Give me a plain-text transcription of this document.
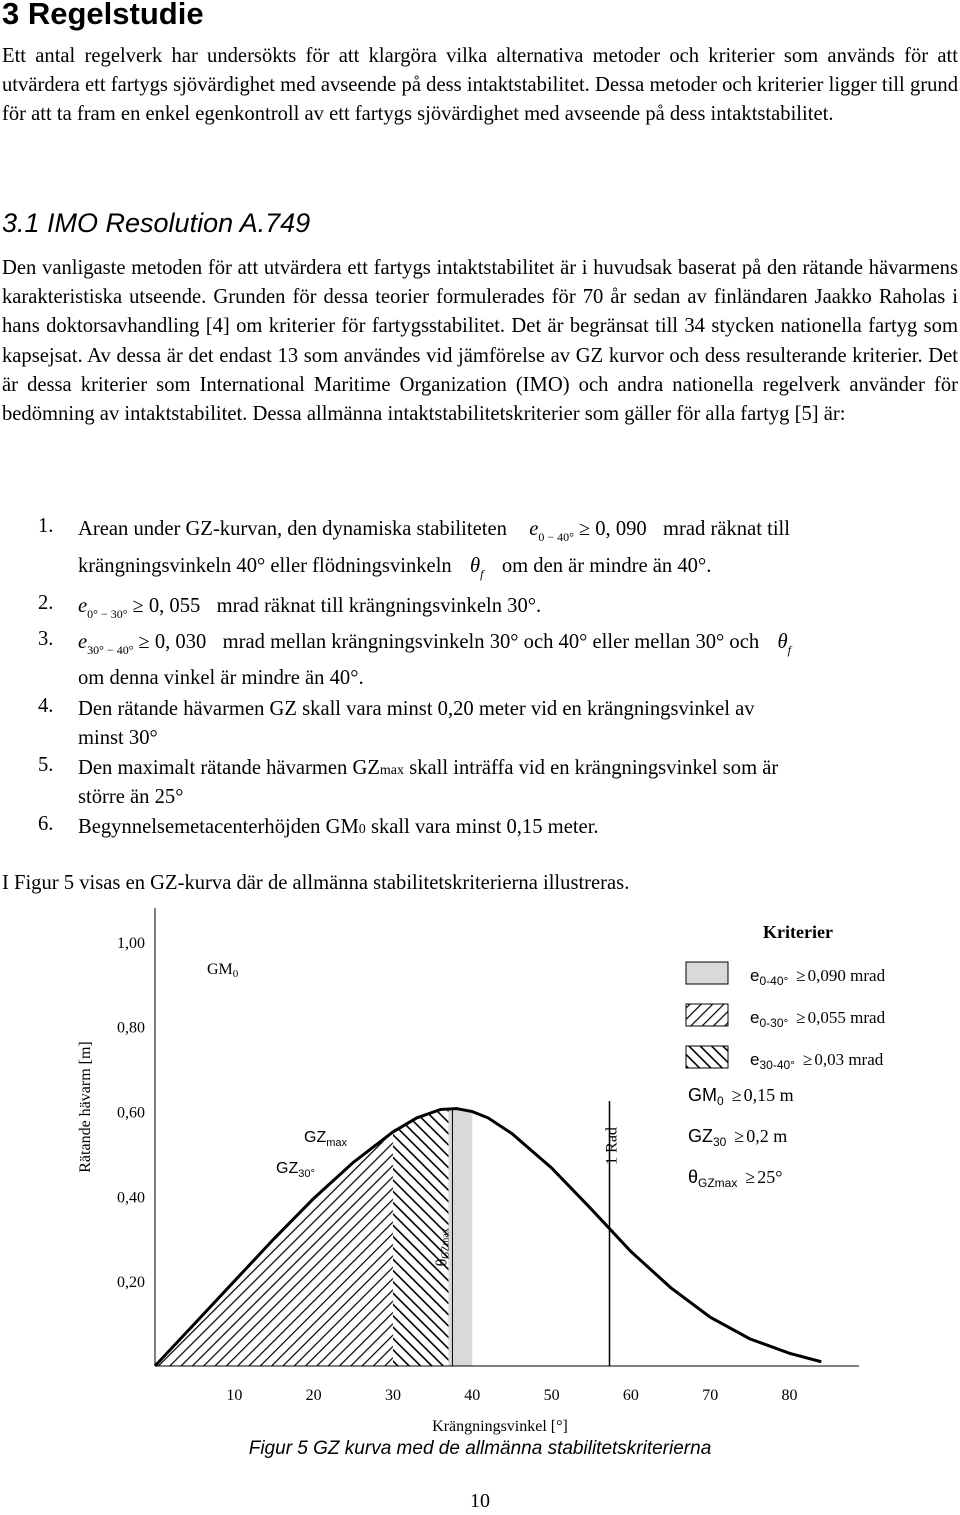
3 Regelstudie

Ett antal regelverk har undersökts för att klargöra vilka alternativa metoder och kriterier som används för att utvärdera ett fartygs sjövärdighet med avseende på dess intaktstabilitet. Dessa metoder och kriterier ligger till grund för att ta fram en enkel egenkontroll av ett fartygs sjövärdighet med avseende på dess intaktstabilitet.

3.1 IMO Resolution A.749

Den vanligaste metoden för att utvärdera ett fartygs intaktstabilitet är i huvudsak baserat på den rätande hävarmens karakteristiska utseende. Grunden för dessa teorier formulerades för 70 år sedan av finländaren Jaakko Raholas i hans doktorsavhandling [4] om kriterier för fartygsstabilitet. Det är begränsat till 34 stycken nationella fartyg som kapsejsat. Av dessa är det endast 13 som användes vid jämförelse av GZ kurvor och dess resulterande kriterier. Det är dessa kriterier som International Maritime Organization (IMO) och andra nationella regelverk använder för bedömning av intaktstabilitet. Dessa allmänna intaktstabilitetskriterier som gäller för alla fartyg [5] är:

1. Arean under GZ-kurvan, den dynamiska stabiliteten $e_{0 - 40^\circ} \ge 0$, 090 mrad räknat till
krängningsvinkeln 40° eller flödningsvinkeln $\theta_f$ om den är mindre än 40°.
2. $e_{0^\circ - 30^\circ} \ge 0$, 055 mrad räknat till krängningsvinkeln 30°.
3. $e_{30^\circ - 40^\circ} \ge 0$, 030 mrad mellan krängningsvinkeln 30° och 40° eller mellan 30° och $\theta_f$
om denna vinkel är mindre än 40°.
4. Den rätande hävarmen GZ skall vara minst 0,20 meter vid en krängningsvinkel av
minst 30°
5. Den maximalt rätande hävarmen GZmax skall inträffa vid en krängningsvinkel som är
större än 25°
6. Begynnelsemetacenterhöjden GM0 skall vara minst 0,15 meter.
I Figur 5 visas en GZ-kurva där de allmänna stabilitetskriterierna illustreras.
10	20	30	40	50	60	70	80
1,00
0,80
0,60
0,40
0,20
Krängningsvinkel [°]
Rätande hävarm [m]
GM0
$GZ_{max}$
$GZ_{30^\circ}$
1 Rad
θGZmax
Kriterier
$e_{0-40^\circ} \ge 0,090$ mrad
$e_{0-30^\circ} \ge 0,055$ mrad
$e_{30-40^\circ} \ge 0,03$ mrad
$GM_0 \ge 0,15$ m
$GZ_{30} \ge 0,2$ m
$\theta_{GZmax} \ge 25^\circ$
Figur 5 GZ kurva med de allmänna stabilitetskriterierna
10
